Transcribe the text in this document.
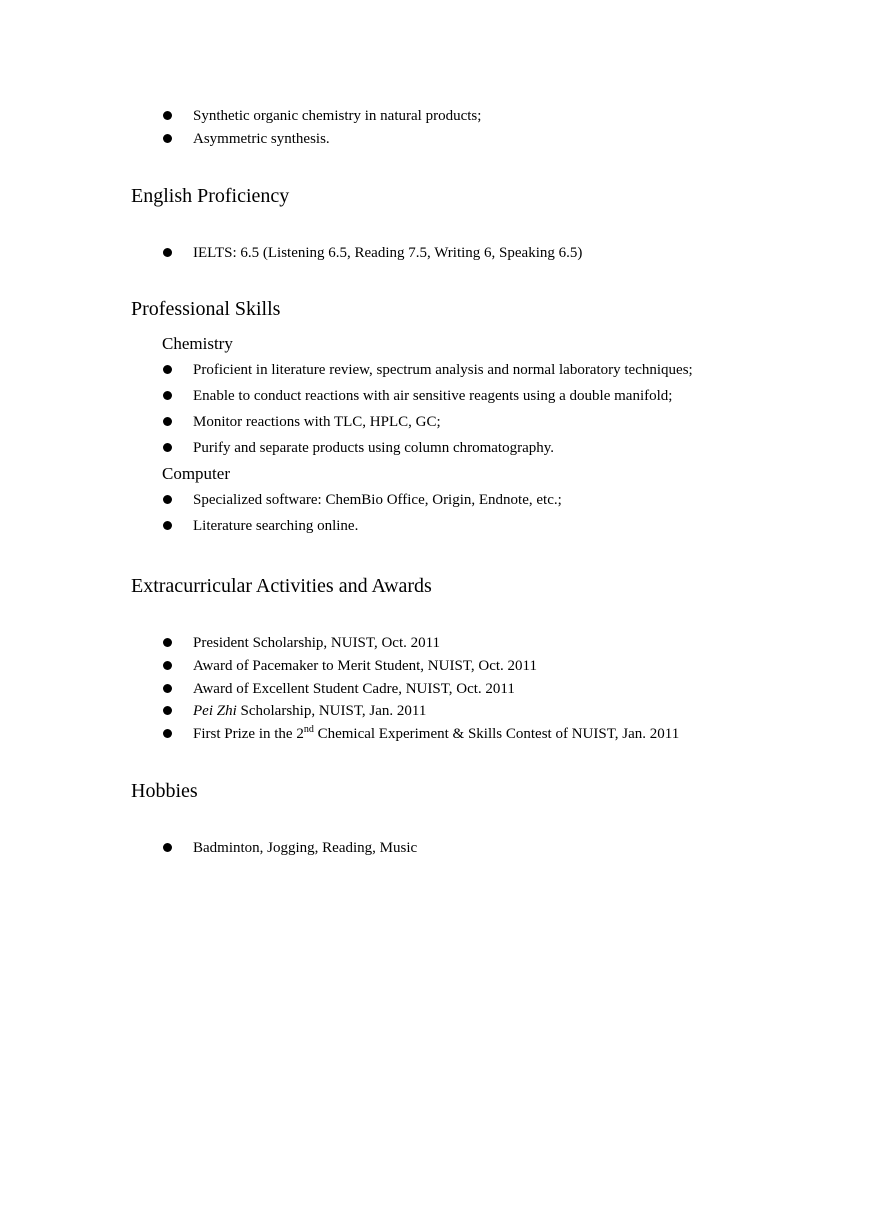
Synthetic organic chemistry in natural products;
Asymmetric synthesis.
English Proficiency
IELTS: 6.5 (Listening 6.5, Reading 7.5, Writing 6, Speaking 6.5)
Professional Skills
Chemistry
Proficient in literature review, spectrum analysis and normal laboratory techniques;
Enable to conduct reactions with air sensitive reagents using a double manifold;
Monitor reactions with TLC, HPLC, GC;
Purify and separate products using column chromatography.
Computer
Specialized software: ChemBio Office, Origin, Endnote, etc.;
Literature searching online.
Extracurricular Activities and Awards
President Scholarship, NUIST, Oct. 2011
Award of Pacemaker to Merit Student, NUIST, Oct. 2011
Award of Excellent Student Cadre, NUIST, Oct. 2011
Pei Zhi Scholarship, NUIST, Jan. 2011
First Prize in the 2nd Chemical Experiment & Skills Contest of NUIST, Jan. 2011
Hobbies
Badminton, Jogging, Reading, Music
